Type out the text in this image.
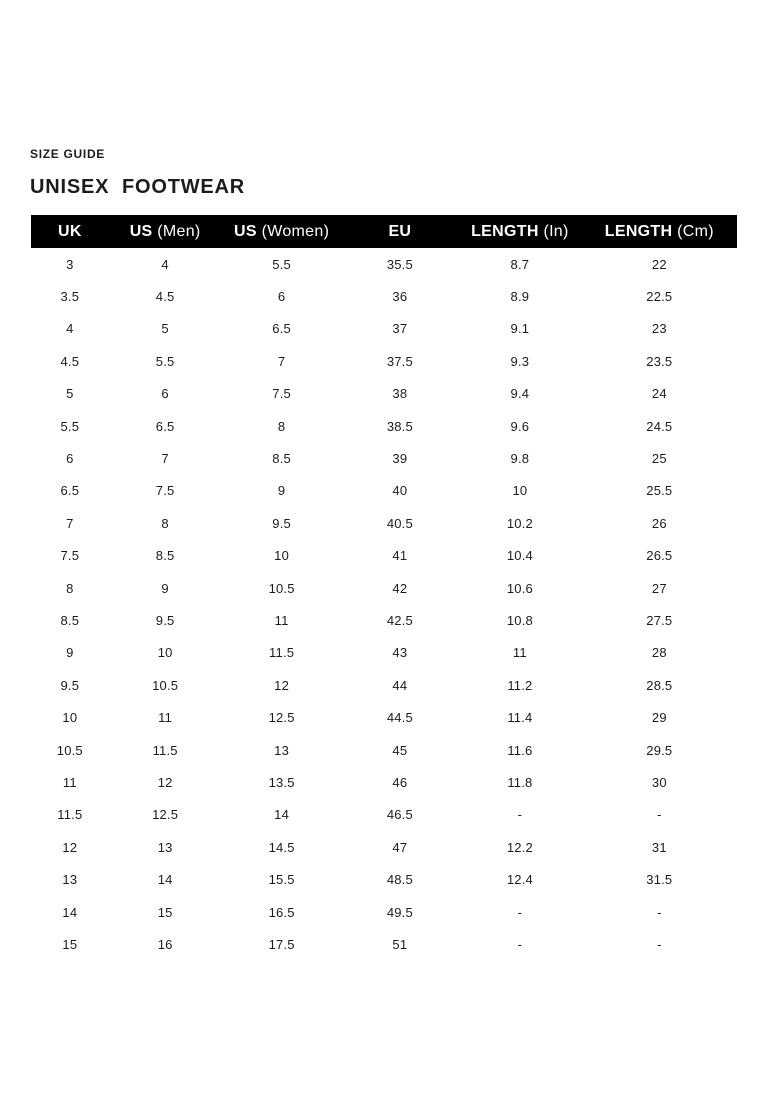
SIZE GUIDE
UNISEX  FOOTWEAR
UK	US (Men)	US (Women)	EU	LENGTH (In)	LENGTH (Cm)
3	4	5.5	35.5	8.7	22
3.5	4.5	6	36	8.9	22.5
4	5	6.5	37	9.1	23
4.5	5.5	7	37.5	9.3	23.5
5	6	7.5	38	9.4	24
5.5	6.5	8	38.5	9.6	24.5
6	7	8.5	39	9.8	25
6.5	7.5	9	40	10	25.5
7	8	9.5	40.5	10.2	26
7.5	8.5	10	41	10.4	26.5
8	9	10.5	42	10.6	27
8.5	9.5	11	42.5	10.8	27.5
9	10	11.5	43	11	28
9.5	10.5	12	44	11.2	28.5
10	11	12.5	44.5	11.4	29
10.5	11.5	13	45	11.6	29.5
11	12	13.5	46	11.8	30
11.5	12.5	14	46.5	-	-
12	13	14.5	47	12.2	31
13	14	15.5	48.5	12.4	31.5
14	15	16.5	49.5	-	-
15	16	17.5	51	-	-
